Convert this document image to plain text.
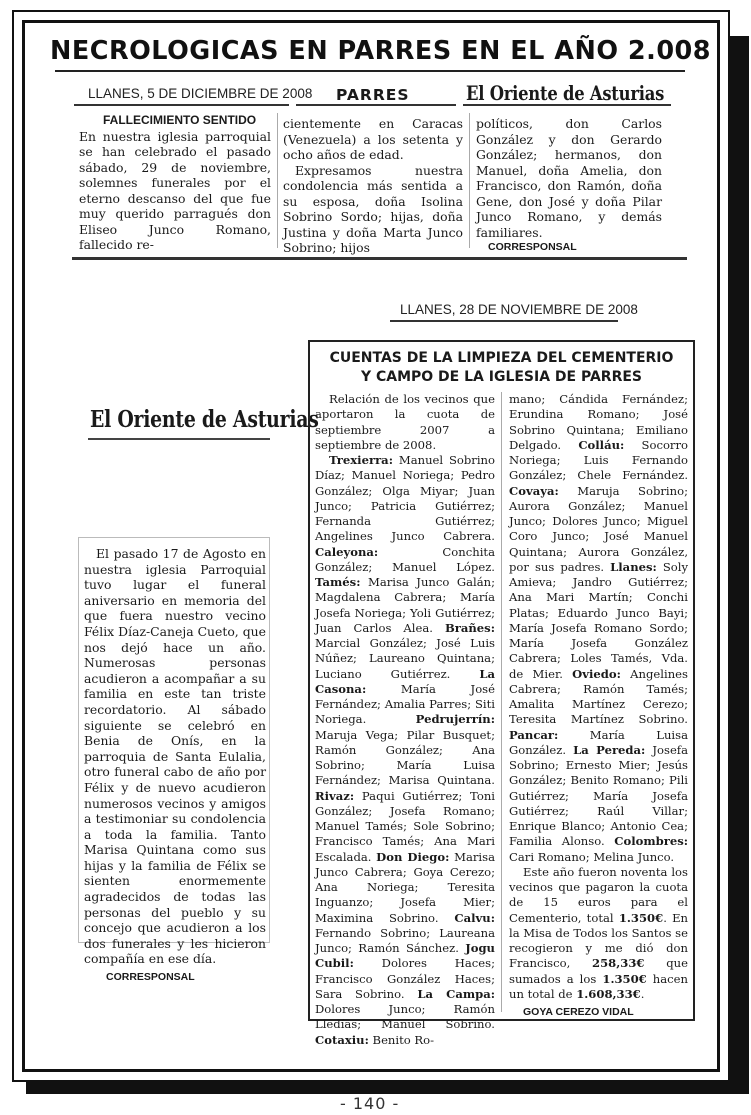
NECROLOGICAS EN PARRES EN EL AÑO 2.008
LLANES, 5 DE DICIEMBRE DE 2008 PARRES	El Oriente de Asturias

FALLECIMIENTO SENTIDO

En nuestra iglesia parroquial se han celebrado el pasado sábado, 29 de noviembre, solemnes funerales por el eterno descanso del que fue muy querido parragués don Eliseo Junco Romano, fallecido re-

cientemente en Caracas (Venezuela) a los setenta y ocho años de edad.

Expresamos nuestra condolencia más sentida a su esposa, doña Isolina Sobrino Sordo; hijas, doña Justina y doña Marta Junco Sobrino; hijos

políticos, don Carlos González y don Gerardo González; hermanos, don Manuel, doña Amelia, don Francisco, don Ramón, doña Gene, don José y doña Pilar Junco Romano, y demás familiares.

CORRESPONSAL

LLANES, 28 DE NOVIEMBRE DE 2008
El Oriente de Asturias

El pasado 17 de Agosto en nuestra iglesia Parroquial tuvo lugar el funeral aniversario en memoria del que fuera nuestro vecino Félix Díaz-Caneja Cueto, que nos dejó hace un año. Numerosas personas acudieron a acompañar a su familia en este tan triste recordatorio. Al sábado siguiente se celebró en Benia de Onís, en la parroquia de Santa Eulalia, otro funeral cabo de año por Félix y de nuevo acudieron numerosos vecinos y amigos a testimoniar su condolencia a toda la familia. Tanto Marisa Quintana como sus hijas y la familia de Félix se sienten enormemente agradecidos de todas las personas del pueblo y su concejo que acudieron a los dos funerales y les hicieron compañía en ese día.

CORRESPONSAL

CUENTAS DE LA LIMPIEZA DEL CEMENTERIO
Y CAMPO DE LA IGLESIA DE PARRES

Relación de los vecinos que aportaron la cuota de septiembre 2007 a septiembre de 2008.

Trexierra: Manuel Sobrino Díaz; Manuel Noriega; Pedro González; Olga Miyar; Juan Junco; Patricia Gutiérrez; Fernanda Gutiérrez; Angelines Junco Cabrera. Caleyona: Conchita González; Manuel López. Tamés: Marisa Junco Galán; Magdalena Cabrera; María Josefa Noriega; Yoli Gutiérrez; Juan Carlos Alea. Brañes: Marcial González; José Luis Núñez; Laureano Quintana; Luciano Gutiérrez. La Casona: María José Fernández; Amalia Parres; Siti Noriega.	Pedrujerrín: Maruja Vega; Pilar Busquet; Ramón González; Ana Sobrino; María Luisa Fernández; Marisa Quintana. Rivaz: Paqui Gutiérrez; Toni González; Josefa Romano; Manuel Tamés; Sole Sobrino; Francisco Tamés; Ana Mari Escalada. Don Diego: Marisa Junco Cabrera; Goya Cerezo; Ana Noriega; Teresita Inguanzo; Josefa Mier; Maximina Sobrino. Calvu: Fernando Sobrino; Laureana Junco; Ramón Sánchez. Jogu Cubil: Dolores Haces; Francisco González Haces; Sara Sobrino. La Campa: Dolores Junco; Ramón Lledías; Manuel Sobrino. Cotaxiu: Benito Ro-

mano; Cándida Fernández; Erundina Romano; José Sobrino Quintana; Emiliano Delgado. Colláu: Socorro Noriega; Luis Fernando González; Chele Fernández. Covaya: Maruja Sobrino; Aurora González; Manuel Junco; Dolores Junco; Miguel Coro Junco; José Manuel Quintana; Aurora González, por sus padres. Llanes: Soly Amieva; Jandro Gutiérrez; Ana Mari Martín; Conchi Platas; Eduardo Junco Bayi; María Josefa Romano Sordo; María Josefa González Cabrera; Loles Tamés, Vda. de Mier. Oviedo: Angelines Cabrera; Ramón Tamés; Amalita Martínez Cerezo; Teresita Martínez Sobrino. Pancar: María Luisa González. La Pereda: Josefa Sobrino; Ernesto Mier; Jesús González; Benito Romano; Pili Gutiérrez; María Josefa Gutiérrez; Raúl Villar; Enrique Blanco; Antonio Cea; Familia Alonso. Colombres: Cari Romano; Melina Junco.

Este año fueron noventa los vecinos que pagaron la cuota de 15 euros para el Cementerio, total 1.350€. En la Misa de Todos los Santos se recogieron y me dió don Francisco, 258,33€ que sumados a los 1.350€ hacen un total de 1.608,33€.

GOYA CEREZO VIDAL

- 140 -
